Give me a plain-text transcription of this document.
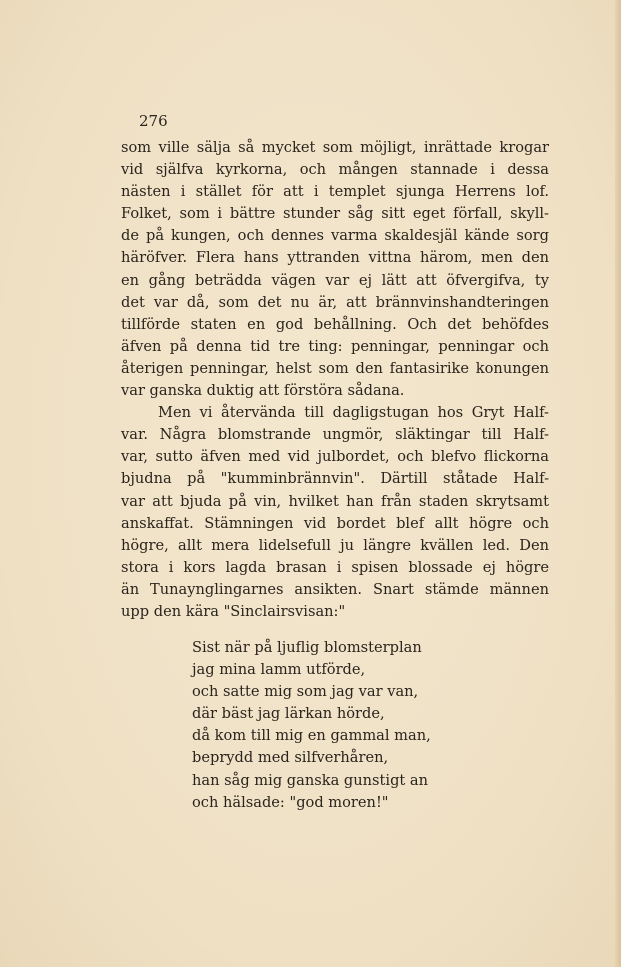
276
som ville sälja så mycket som möjligt, inrättade krogar
vid själfva kyrkorna, och mången stannade i dessa
nästen i stället för att i templet sjunga Herrens lof.
Folket, som i bättre stunder såg sitt eget förfall, skyll-
de på kungen, och dennes varma skaldesjäl kände sorg
häröfver. Flera hans yttranden vittna härom, men den
en gång beträdda vägen var ej lätt att öfvergifva, ty
det var då, som det nu är, att brännvinshandteringen
tillförde staten en god behållning. Och det behöfdes
äfven på denna tid tre ting: penningar, penningar och
återigen penningar, helst som den fantasirike konungen
var ganska duktig att förstöra sådana.
Men vi återvända till dagligstugan hos Gryt Half-
var. Några blomstrande ungmör, släktingar till Half-
var, sutto äfven med vid julbordet, och blefvo flickorna
bjudna på "kumminbrännvin". Därtill ståtade Half-
var att bjuda på vin, hvilket han från staden skrytsamt
anskaffat. Stämningen vid bordet blef allt högre och
högre, allt mera lidelsefull ju längre kvällen led. Den
stora i kors lagda brasan i spisen blossade ej högre
än Tunaynglingarnes ansikten. Snart stämde männen
upp den kära "Sinclairsvisan:"
Sist när på ljuflig blomsterplan
jag mina lamm utförde,
och satte mig som jag var van,
där bäst jag lärkan hörde,
då kom till mig en gammal man,
beprydd med silfverhåren,
han såg mig ganska gunstigt an
och hälsade: "god moren!"
